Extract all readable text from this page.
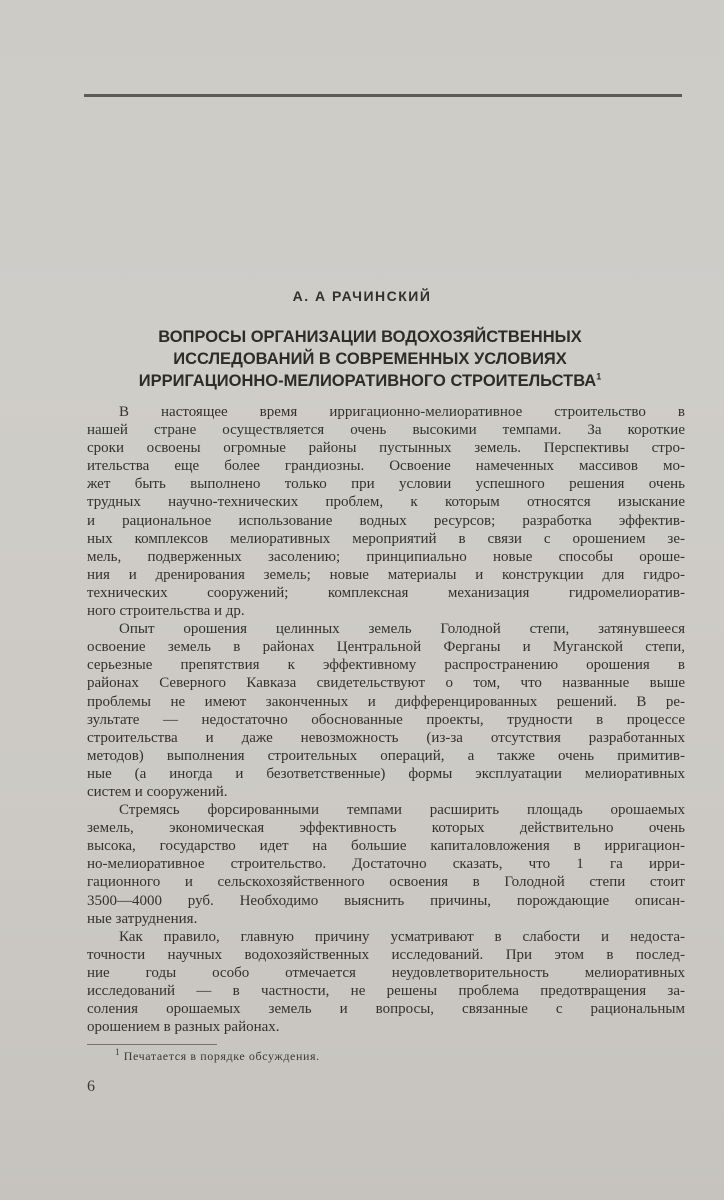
А. А РАЧИНСКИЙ
ВОПРОСЫ ОРГАНИЗАЦИИ ВОДОХОЗЯЙСТВЕННЫХ
ИССЛЕДОВАНИЙ В СОВРЕМЕННЫХ УСЛОВИЯХ
ИРРИГАЦИОННО-МЕЛИОРАТИВНОГО СТРОИТЕЛЬСТВА$^1$

В настоящее время ирригационно-мелиоративное строительство в
нашей стране осуществляется очень высокими темпами. За короткие
сроки освоены огромные районы пустынных земель. Перспективы стро-
ительства еще более грандиозны. Освоение намеченных массивов мо-
жет быть выполнено только при условии успешного решения очень
трудных научно-технических проблем, к которым относятся изыскание
и рациональное использование водных ресурсов; разработка эффектив-
ных комплексов мелиоративных мероприятий в связи с орошением зе-
мель, подверженных засолению; принципиально новые способы ороше-
ния и дренирования земель; новые материалы и конструкции для гидро-
технических сооружений; комплексная механизация гидромелиоратив-
ного строительства и др.

Опыт орошения целинных земель Голодной степи, затянувшееся
освоение земель в районах Центральной Ферганы и Муганской степи,
серьезные препятствия к эффективному распространению орошения в
районах Северного Кавказа свидетельствуют о том, что названные выше
проблемы не имеют законченных и дифференцированных решений. В ре-
зультате — недостаточно обоснованные проекты, трудности в процессе
строительства и даже невозможность (из-за отсутствия разработанных
методов) выполнения строительных операций, а также очень примитив-
ные (а иногда и безответственные) формы эксплуатации мелиоративных
систем и сооружений.

Стремясь форсированными темпами расширить площадь орошаемых
земель, экономическая эффективность которых действительно очень
высока, государство идет на большие капиталовложения в ирригацион-
но-мелиоративное строительство. Достаточно сказать, что 1 га ирри-
гационного и сельскохозяйственного освоения в Голодной степи стоит
3500—4000 руб. Необходимо выяснить причины, порождающие описан-
ные затруднения.

Как правило, главную причину усматривают в слабости и недоста-
точности научных водохозяйственных исследований. При этом в послед-
ние годы особо отмечается неудовлетворительность мелиоративных
исследований — в частности, не решены проблема предотвращения за-
соления орошаемых земель и вопросы, связанные с рациональным
орошением в разных районах.

$^1$ Печатается в порядке обсуждения.
6
